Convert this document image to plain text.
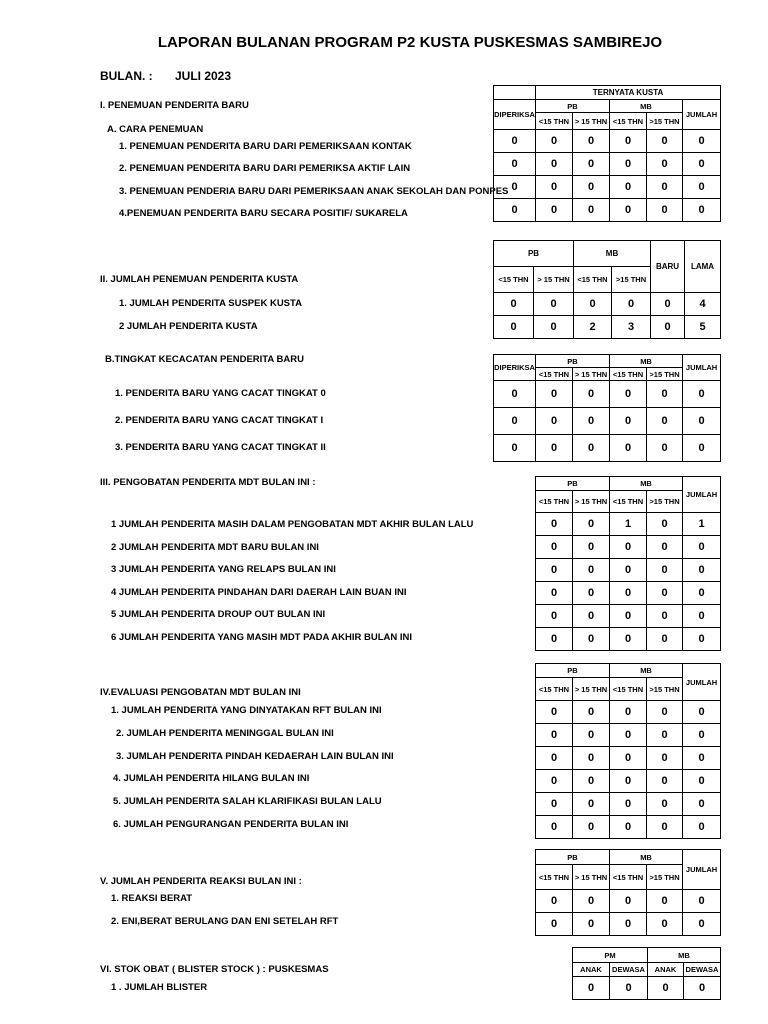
LAPORAN BULANAN PROGRAM P2 KUSTA PUSKESMAS SAMBIREJO
BULAN. : JULI 2023
I. PENEMUAN PENDERITA BARU
A. CARA PENEMUAN
1. PENEMUAN PENDERITA BARU DARI PEMERIKSAAN KONTAK
2. PENEMUAN PENDERITA BARU DARI PEMERIKSA AKTIF LAIN
3. PENEMUAN PENDERIA BARU DARI PEMERIKSAAN ANAK SEKOLAH DAN PONPES
4.PENEMUAN PENDERITA BARU SECARA POSITIF/ SUKARELA
	TERNYATA KUSTA				
DIPERIKSA	PB		MB		JUMLAH
	<15 THN	> 15 THN	<15 THN	>15 THN	
0	0	0	0	0	0
0	0	0	0	0	0
0	0	0	0	0	0
0	0	0	0	0	0
II. JUMLAH PENEMUAN PENDERITA KUSTA
1. JUMLAH PENDERITA SUSPEK KUSTA
2 JUMLAH PENDERITA KUSTA
PB		MB		BARU	LAMA
<15 THN	> 15 THN	<15 THN	>15 THN		
0	0	0	0	0	4
0	0	2	3	0	5
B.TINGKAT KECACATAN PENDERITA BARU
1. PENDERITA BARU YANG CACAT TINGKAT 0
2. PENDERITA BARU YANG CACAT TINGKAT I
3. PENDERITA BARU YANG CACAT TINGKAT II
DIPERIKSA	PB		MB		JUMLAH
	<15 THN	> 15 THN	<15 THN	>15 THN	
0	0	0	0	0	0
0	0	0	0	0	0
0	0	0	0	0	0
III. PENGOBATAN PENDERITA MDT BULAN INI :
1 JUMLAH PENDERITA MASIH DALAM PENGOBATAN MDT AKHIR BULAN LALU
2 JUMLAH PENDERITA MDT BARU BULAN INI
3 JUMLAH PENDERITA YANG RELAPS BULAN INI
4 JUMLAH PENDERITA PINDAHAN DARI DAERAH LAIN BUAN INI
5 JUMLAH PENDERITA DROUP OUT BULAN INI
6 JUMLAH PENDERITA YANG MASIH MDT PADA AKHIR BULAN INI
PB		MB		JUMLAH
<15 THN	> 15 THN	<15 THN	>15 THN	
0	0	1	0	1
0	0	0	0	0
0	0	0	0	0
0	0	0	0	0
0	0	0	0	0
0	0	0	0	0
IV.EVALUASI PENGOBATAN MDT BULAN INI
1. JUMLAH PENDERITA YANG DINYATAKAN RFT BULAN INI
2. JUMLAH PENDERITA MENINGGAL BULAN INI
3. JUMLAH PENDERITA PINDAH KEDAERAH LAIN BULAN INI
4. JUMLAH PENDERITA HILANG BULAN INI
5. JUMLAH PENDERITA SALAH KLARIFIKASI BULAN LALU
6. JUMLAH PENGURANGAN PENDERITA BULAN INI
PB		MB		JUMLAH
<15 THN	> 15 THN	<15 THN	>15 THN	
0	0	0	0	0
0	0	0	0	0
0	0	0	0	0
0	0	0	0	0
0	0	0	0	0
0	0	0	0	0
V. JUMLAH PENDERITA REAKSI BULAN INI :
1. REAKSI BERAT
2. ENI,BERAT BERULANG DAN ENI SETELAH RFT
PB		MB		JUMLAH
<15 THN	> 15 THN	<15 THN	>15 THN	
0	0	0	0	0
0	0	0	0	0
VI. STOK OBAT ( BLISTER STOCK ) : PUSKESMAS
1 . JUMLAH BLISTER
PM		MB	
ANAK	DEWASA	ANAK	DEWASA
0	0	0	0
